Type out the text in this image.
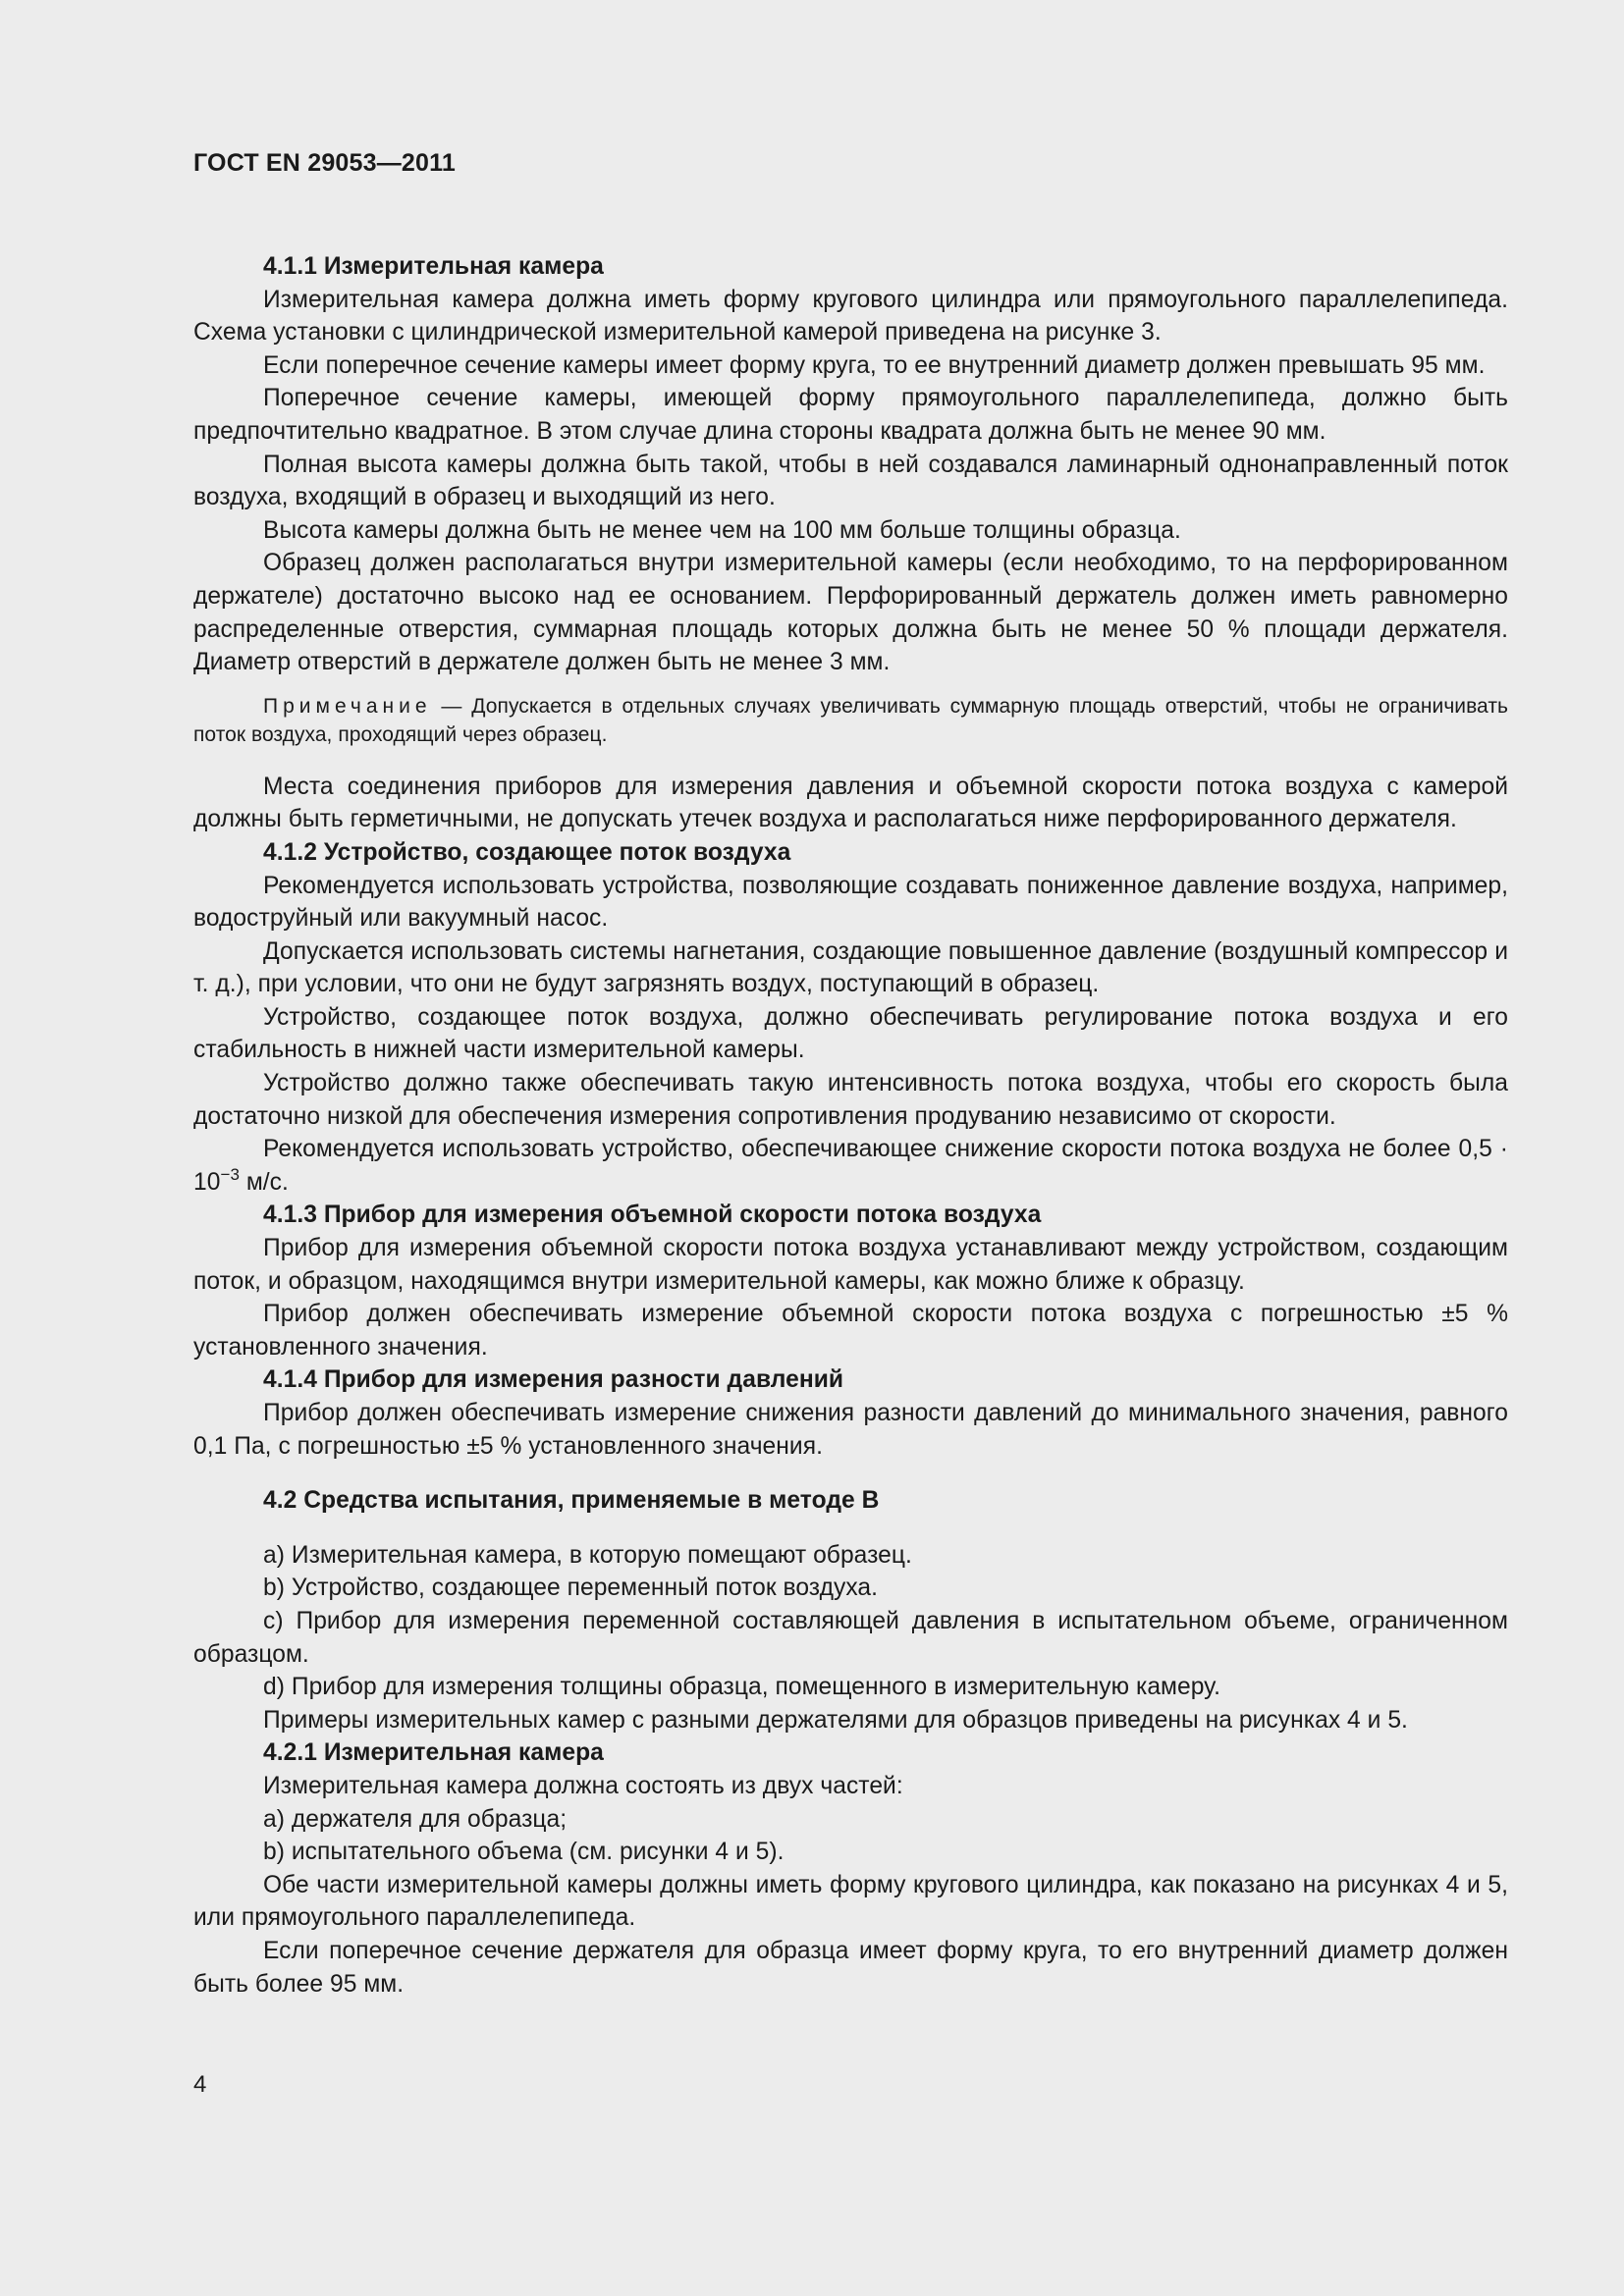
ГОСТ EN 29053—2011

4.1.1 Измерительная камера

Измерительная камера должна иметь форму кругового цилиндра или прямоугольного параллелепипеда. Схема установки с цилиндрической измерительной камерой приведена на рисунке 3.

Если поперечное сечение камеры имеет форму круга, то ее внутренний диаметр должен превышать 95 мм.

Поперечное сечение камеры, имеющей форму прямоугольного параллелепипеда, должно быть предпочтительно квадратное. В этом случае длина стороны квадрата должна быть не менее 90 мм.

Полная высота камеры должна быть такой, чтобы в ней создавался ламинарный однонаправленный поток воздуха, входящий в образец и выходящий из него.

Высота камеры должна быть не менее чем на 100 мм больше толщины образца.

Образец должен располагаться внутри измерительной камеры (если необходимо, то на перфорированном держателе) достаточно высоко над ее основанием. Перфорированный держатель должен иметь равномерно распределенные отверстия, суммарная площадь которых должна быть не менее 50 % площади держателя. Диаметр отверстий в держателе должен быть не менее 3 мм.

Примечание — Допускается в отдельных случаях увеличивать суммарную площадь отверстий, чтобы не ограничивать поток воздуха, проходящий через образец.

Места соединения приборов для измерения давления и объемной скорости потока воздуха с камерой должны быть герметичными, не допускать утечек воздуха и располагаться ниже перфорированного держателя.

4.1.2 Устройство, создающее поток воздуха

Рекомендуется использовать устройства, позволяющие создавать пониженное давление воздуха, например, водоструйный или вакуумный насос.

Допускается использовать системы нагнетания, создающие повышенное давление (воздушный компрессор и т. д.), при условии, что они не будут загрязнять воздух, поступающий в образец.

Устройство, создающее поток воздуха, должно обеспечивать регулирование потока воздуха и его стабильность в нижней части измерительной камеры.

Устройство должно также обеспечивать такую интенсивность потока воздуха, чтобы его скорость была достаточно низкой для обеспечения измерения сопротивления продуванию независимо от скорости.

Рекомендуется использовать устройство, обеспечивающее снижение скорости потока воздуха не более $0,5 \cdot 10^{-3}$ м/с.

4.1.3 Прибор для измерения объемной скорости потока воздуха

Прибор для измерения объемной скорости потока воздуха устанавливают между устройством, создающим поток, и образцом, находящимся внутри измерительной камеры, как можно ближе к образцу.

Прибор должен обеспечивать измерение объемной скорости потока воздуха с погрешностью ±5 % установленного значения.

4.1.4 Прибор для измерения разности давлений

Прибор должен обеспечивать измерение снижения разности давлений до минимального значения, равного 0,1 Па, с погрешностью ±5 % установленного значения.

4.2 Средства испытания, применяемые в методе В

a) Измерительная камера, в которую помещают образец.

b) Устройство, создающее переменный поток воздуха.

c) Прибор для измерения переменной составляющей давления в испытательном объеме, ограниченном образцом.

d) Прибор для измерения толщины образца, помещенного в измерительную камеру.

Примеры измерительных камер с разными держателями для образцов приведены на рисунках 4 и 5.

4.2.1 Измерительная камера

Измерительная камера должна состоять из двух частей:

a) держателя для образца;

b) испытательного объема (см. рисунки 4 и 5).

Обе части измерительной камеры должны иметь форму кругового цилиндра, как показано на рисунках 4 и 5, или прямоугольного параллелепипеда.

Если поперечное сечение держателя для образца имеет форму круга, то его внутренний диаметр должен быть более 95 мм.

4
